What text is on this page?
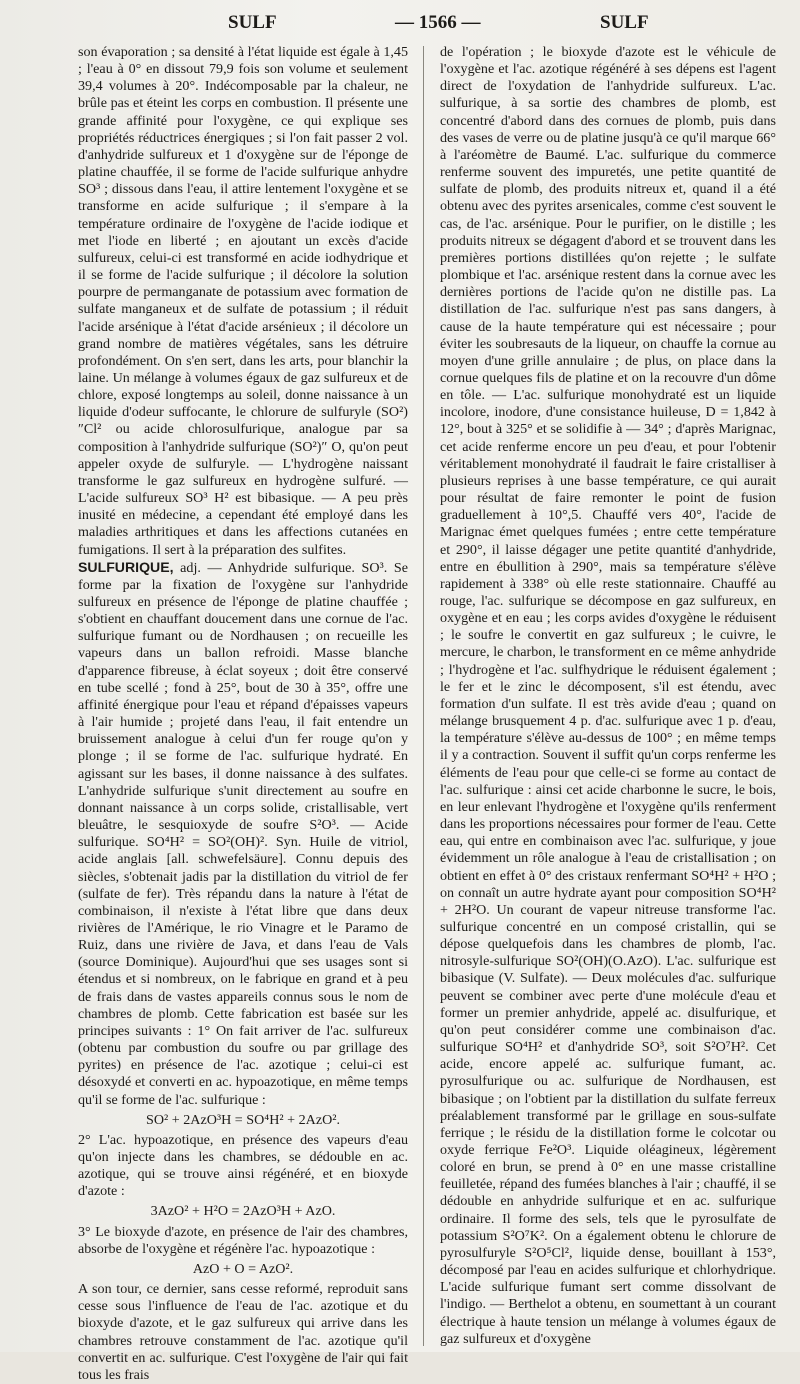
SULF	— 1566 —	SULF

son évaporation ; sa densité à l'état liquide est égale à 1,45 ; l'eau à 0° en dissout 79,9 fois son volume et seulement 39,4 volumes à 20°. Indécomposable par la chaleur, ne brûle pas et éteint les corps en combustion. Il présente une grande affinité pour l'oxygène, ce qui explique ses propriétés réductrices énergiques ; si l'on fait passer 2 vol. d'anhydride sulfureux et 1 d'oxygène sur de l'éponge de platine chauffée, il se forme de l'acide sulfurique anhydre SO³ ; dissous dans l'eau, il attire lentement l'oxygène et se transforme en acide sulfurique ; il s'empare à la température ordinaire de l'oxygène de l'acide iodique et met l'iode en liberté ; en ajoutant un excès d'acide sulfureux, celui-ci est transformé en acide iodhydrique et il se forme de l'acide sulfurique ; il décolore la solution pourpre de permanganate de potassium avec formation de sulfate manganeux et de sulfate de potassium ; il réduit l'acide arsénique à l'état d'acide arsénieux ; il décolore un grand nombre de matières végétales, sans les détruire profondément. On s'en sert, dans les arts, pour blanchir la laine. Un mélange à volumes égaux de gaz sulfureux et de chlore, exposé longtemps au soleil, donne naissance à un liquide d'odeur suffocante, le chlorure de sulfuryle (SO²)″Cl² ou acide chlorosulfurique, analogue par sa composition à l'anhydride sulfurique (SO²)″ O, qu'on peut appeler oxyde de sulfuryle. — L'hydrogène naissant transforme le gaz sulfureux en hydrogène sulfuré. — L'acide sulfureux SO³ H² est bibasique. — A peu près inusité en médecine, a cependant été employé dans les maladies arthritiques et dans les affections cutanées en fumigations. Il sert à la préparation des sulfites.

SULFURIQUE, adj. — Anhydride sulfurique. SO³. Se forme par la fixation de l'oxygène sur l'anhydride sulfureux en présence de l'éponge de platine chauffée ; s'obtient en chauffant doucement dans une cornue de l'ac. sulfurique fumant ou de Nordhausen ; on recueille les vapeurs dans un ballon refroidi. Masse blanche d'apparence fibreuse, à éclat soyeux ; doit être conservé en tube scellé ; fond à 25°, bout de 30 à 35°, offre une affinité énergique pour l'eau et répand d'épaisses vapeurs à l'air humide ; projeté dans l'eau, il fait entendre un bruissement analogue à celui d'un fer rouge qu'on y plonge ; il se forme de l'ac. sulfurique hydraté. En agissant sur les bases, il donne naissance à des sulfates. L'anhydride sulfurique s'unit directement au soufre en donnant naissance à un corps solide, cristallisable, vert bleuâtre, le sesquioxyde de soufre S²O³. — Acide sulfurique. SO⁴H² = SO²(OH)². Syn. Huile de vitriol, acide anglais [all. schwefelsäure]. Connu depuis des siècles, s'obtenait jadis par la distillation du vitriol de fer (sulfate de fer). Très répandu dans la nature à l'état de combinaison, il n'existe à l'état libre que dans deux rivières de l'Amérique, le rio Vinagre et le Paramo de Ruiz, dans une rivière de Java, et dans l'eau de Vals (source Dominique). Aujourd'hui que ses usages sont si étendus et si nombreux, on le fabrique en grand et à peu de frais dans de vastes appareils connus sous le nom de chambres de plomb. Cette fabrication est basée sur les principes suivants : 1° On fait arriver de l'ac. sulfureux (obtenu par combustion du soufre ou par grillage des pyrites) en présence de l'ac. azotique ; celui-ci est désoxydé et converti en ac. hypoazotique, en même temps qu'il se forme de l'ac. sulfurique :

SO² + 2AzO³H = SO⁴H² + 2AzO².

2° L'ac. hypoazotique, en présence des vapeurs d'eau qu'on injecte dans les chambres, se dédouble en ac. azotique, qui se trouve ainsi régénéré, et en bioxyde d'azote :

3AzO² + H²O = 2AzO³H + AzO.

3° Le bioxyde d'azote, en présence de l'air des chambres, absorbe de l'oxygène et régénère l'ac. hypoazotique :

AzO + O = AzO².

A son tour, ce dernier, sans cesse reformé, reproduit sans cesse sous l'influence de l'eau de l'ac. azotique et du bioxyde d'azote, et le gaz sulfureux qui arrive dans les chambres retrouve constamment de l'ac. azotique qu'il convertit en ac. sulfurique. C'est l'oxygène de l'air qui fait tous les frais

de l'opération ; le bioxyde d'azote est le véhicule de l'oxygène et l'ac. azotique régénéré à ses dépens est l'agent direct de l'oxydation de l'anhydride sulfureux. L'ac. sulfurique, à sa sortie des chambres de plomb, est concentré d'abord dans des cornues de plomb, puis dans des vases de verre ou de platine jusqu'à ce qu'il marque 66° à l'aréomètre de Baumé. L'ac. sulfurique du commerce renferme souvent des impuretés, une petite quantité de sulfate de plomb, des produits nitreux et, quand il a été obtenu avec des pyrites arsenicales, comme c'est souvent le cas, de l'ac. arsénique. Pour le purifier, on le distille ; les produits nitreux se dégagent d'abord et se trouvent dans les premières portions distillées qu'on rejette ; le sulfate plombique et l'ac. arsénique restent dans la cornue avec les dernières portions de l'acide qu'on ne distille pas. La distillation de l'ac. sulfurique n'est pas sans dangers, à cause de la haute température qui est nécessaire ; pour éviter les soubresauts de la liqueur, on chauffe la cornue au moyen d'une grille annulaire ; de plus, on place dans la cornue quelques fils de platine et on la recouvre d'un dôme en tôle. — L'ac. sulfurique monohydraté est un liquide incolore, inodore, d'une consistance huileuse, D = 1,842 à 12°, bout à 325° et se solidifie à — 34° ; d'après Marignac, cet acide renferme encore un peu d'eau, et pour l'obtenir véritablement monohydraté il faudrait le faire cristalliser à plusieurs reprises à une basse température, ce qui aurait pour résultat de faire remonter le point de fusion graduellement à 10°,5. Chauffé vers 40°, l'acide de Marignac émet quelques fumées ; entre cette température et 290°, il laisse dégager une petite quantité d'anhydride, entre en ébullition à 290°, mais sa température s'élève rapidement à 338° où elle reste stationnaire. Chauffé au rouge, l'ac. sulfurique se décompose en gaz sulfureux, en oxygène et en eau ; les corps avides d'oxygène le réduisent ; le soufre le convertit en gaz sulfureux ; le cuivre, le mercure, le charbon, le transforment en ce même anhydride ; l'hydrogène et l'ac. sulfhydrique le réduisent également ; le fer et le zinc le décomposent, s'il est étendu, avec formation d'un sulfate. Il est très avide d'eau ; quand on mélange brusquement 4 p. d'ac. sulfurique avec 1 p. d'eau, la température s'élève au-dessus de 100° ; en même temps il y a contraction. Souvent il suffit qu'un corps renferme les éléments de l'eau pour que celle-ci se forme au contact de l'ac. sulfurique : ainsi cet acide charbonne le sucre, le bois, en leur enlevant l'hydrogène et l'oxygène qu'ils renferment dans les proportions nécessaires pour former de l'eau. Cette eau, qui entre en combinaison avec l'ac. sulfurique, y joue évidemment un rôle analogue à l'eau de cristallisation ; on obtient en effet à 0° des cristaux renfermant SO⁴H² + H²O ; on connaît un autre hydrate ayant pour composition SO⁴H² + 2H²O. Un courant de vapeur nitreuse transforme l'ac. sulfurique concentré en un composé cristallin, qui se dépose quelquefois dans les chambres de plomb, l'ac. nitrosyle-sulfurique SO²(OH)(O.AzO). L'ac. sulfurique est bibasique (V. Sulfate). — Deux molécules d'ac. sulfurique peuvent se combiner avec perte d'une molécule d'eau et former un premier anhydride, appelé ac. disulfurique, et qu'on peut considérer comme une combinaison d'ac. sulfurique SO⁴H² et d'anhydride SO³, soit S²O⁷H². Cet acide, encore appelé ac. sulfurique fumant, ac. pyrosulfurique ou ac. sulfurique de Nordhausen, est bibasique ; on l'obtient par la distillation du sulfate ferreux préalablement transformé par le grillage en sous-sulfate ferrique ; le résidu de la distillation forme le colcotar ou oxyde ferrique Fe²O³. Liquide oléagineux, légèrement coloré en brun, se prend à 0° en une masse cristalline feuilletée, répand des fumées blanches à l'air ; chauffé, il se dédouble en anhydride sulfurique et en ac. sulfurique ordinaire. Il forme des sels, tels que le pyrosulfate de potassium S²O⁷K². On a également obtenu le chlorure de pyrosulfuryle S²O⁵Cl², liquide dense, bouillant à 153°, décomposé par l'eau en acides sulfurique et chlorhydrique. L'acide sulfurique fumant sert comme dissolvant de l'indigo. — Berthelot a obtenu, en soumettant à un courant électrique à haute tension un mélange à volumes égaux de gaz sulfureux et d'oxygène
